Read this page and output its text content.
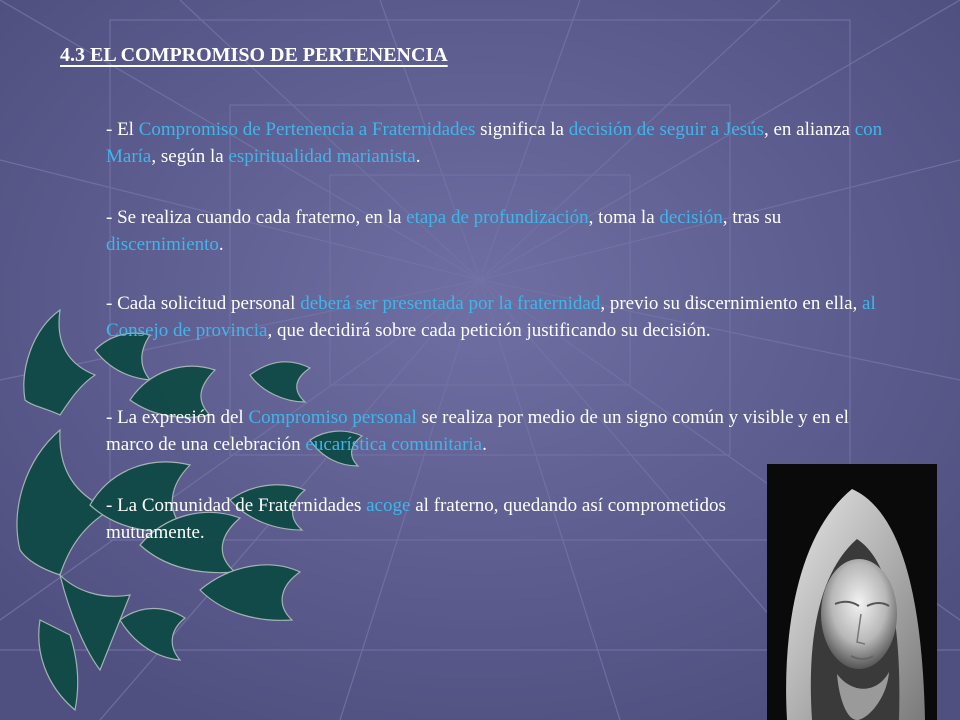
4.3 EL COMPROMISO DE PERTENENCIA
- El Compromiso de Pertenencia a Fraternidades significa la decisión de seguir a Jesús, en alianza con María, según la espiritualidad marianista.
- Se realiza cuando cada fraterno, en la etapa de profundización, toma la decisión, tras su discernimiento.
- Cada solicitud personal deberá ser presentada por la fraternidad, previo su discernimiento en ella, al Consejo de provincia, que decidirá sobre cada petición justificando su decisión.
- La expresión del Compromiso personal se realiza por medio de un signo común y visible y en el marco de una celebración eucarística comunitaria.
- La Comunidad de Fraternidades acoge al fraterno, quedando así comprometidos mutuamente.
